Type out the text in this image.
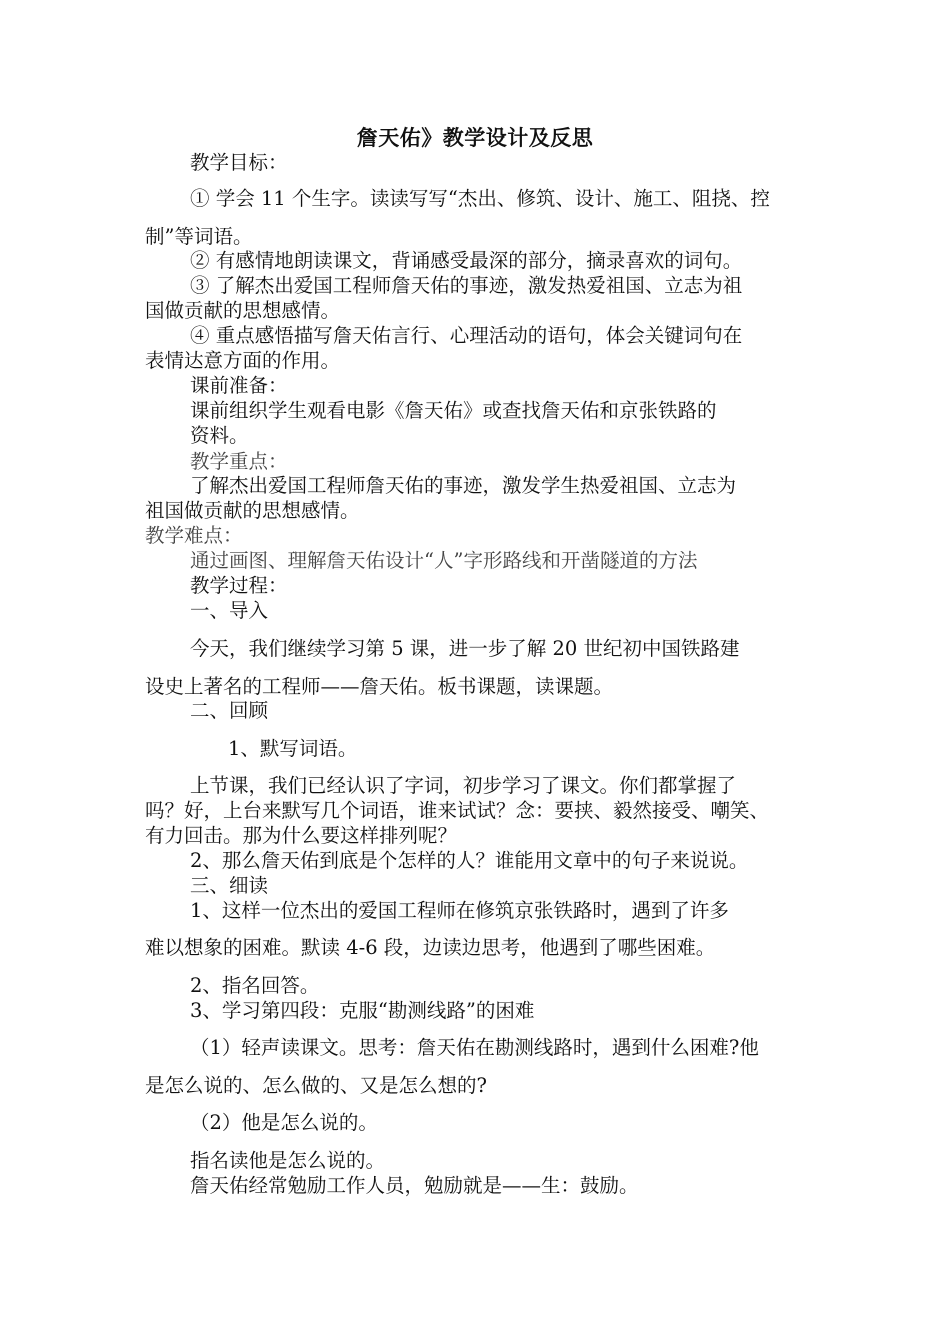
詹天佑》教学设计及反思
教学目标：
① 学会 11 个生字。读读写写“杰出、修筑、设计、施工、阻挠、控
制”等词语。
② 有感情地朗读课文，背诵感受最深的部分，摘录喜欢的词句。
③ 了解杰出爱国工程师詹天佑的事迹，激发热爱祖国、立志为祖
国做贡献的思想感情。
④ 重点感悟描写詹天佑言行、心理活动的语句，体会关键词句在
表情达意方面的作用。
课前准备：
课前组织学生观看电影《詹天佑》或查找詹天佑和京张铁路的
资料。
教学重点：
了解杰出爱国工程师詹天佑的事迹，激发学生热爱祖国、立志为
祖国做贡献的思想感情。
教学难点：
通过画图、理解詹天佑设计“人”字形路线和开凿隧道的方法
教学过程：
一、导入
今天，我们继续学习第 5 课，进一步了解 20 世纪初中国铁路建
设史上著名的工程师——詹天佑。板书课题，读课题。
二、回顾
1、默写词语。
上节课，我们已经认识了字词，初步学习了课文。你们都掌握了
吗？好，上台来默写几个词语，谁来试试？念：要挟、毅然接受、嘲笑、
有力回击。那为什么要这样排列呢？
2、那么詹天佑到底是个怎样的人？谁能用文章中的句子来说说。
三、细读
1、这样一位杰出的爱国工程师在修筑京张铁路时，遇到了许多
难以想象的困难。默读 4-6 段，边读边思考，他遇到了哪些困难。
2、指名回答。
3、学习第四段：克服“勘测线路”的困难
（1）轻声读课文。思考：詹天佑在勘测线路时，遇到什么困难?他
是怎么说的、怎么做的、又是怎么想的?
（2）他是怎么说的。
指名读他是怎么说的。
詹天佑经常勉励工作人员，勉励就是——生：鼓励。
